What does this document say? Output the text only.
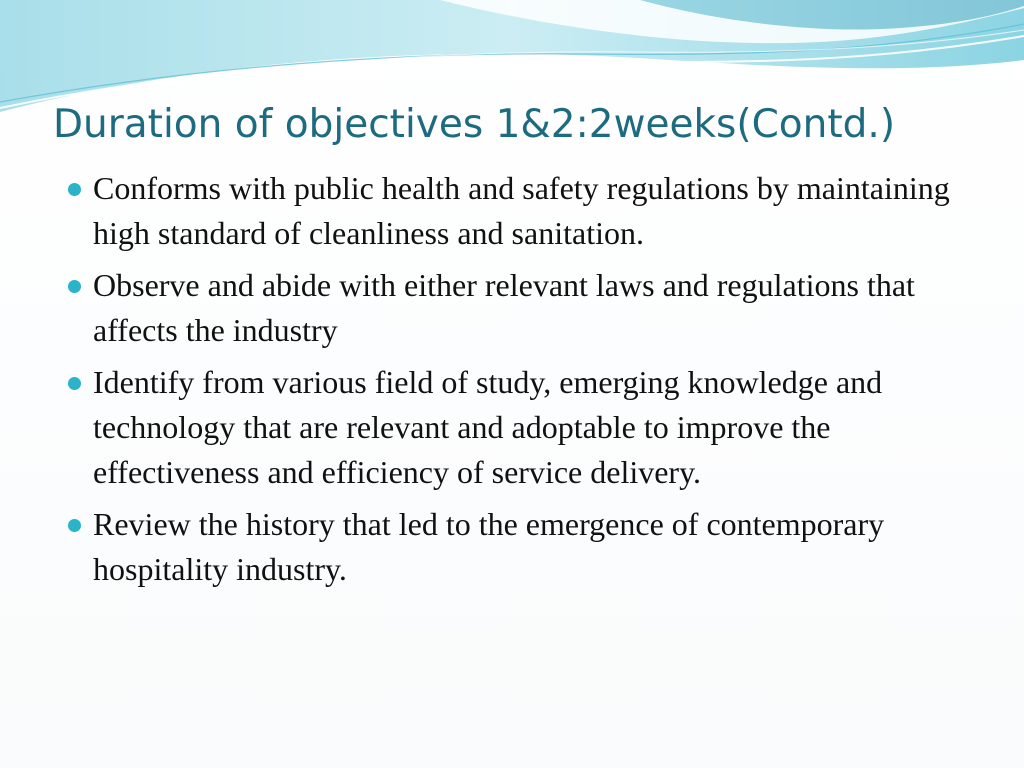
Duration of objectives 1&2:2weeks(Contd.)
Conforms with public health and safety regulations by maintaining high standard of cleanliness and sanitation.
Observe and abide with either relevant laws and regulations that affects the industry
Identify from various field of study, emerging knowledge and technology that are relevant and adoptable to improve the effectiveness and efficiency of service delivery.
Review the history that led to the emergence of contemporary hospitality industry.
